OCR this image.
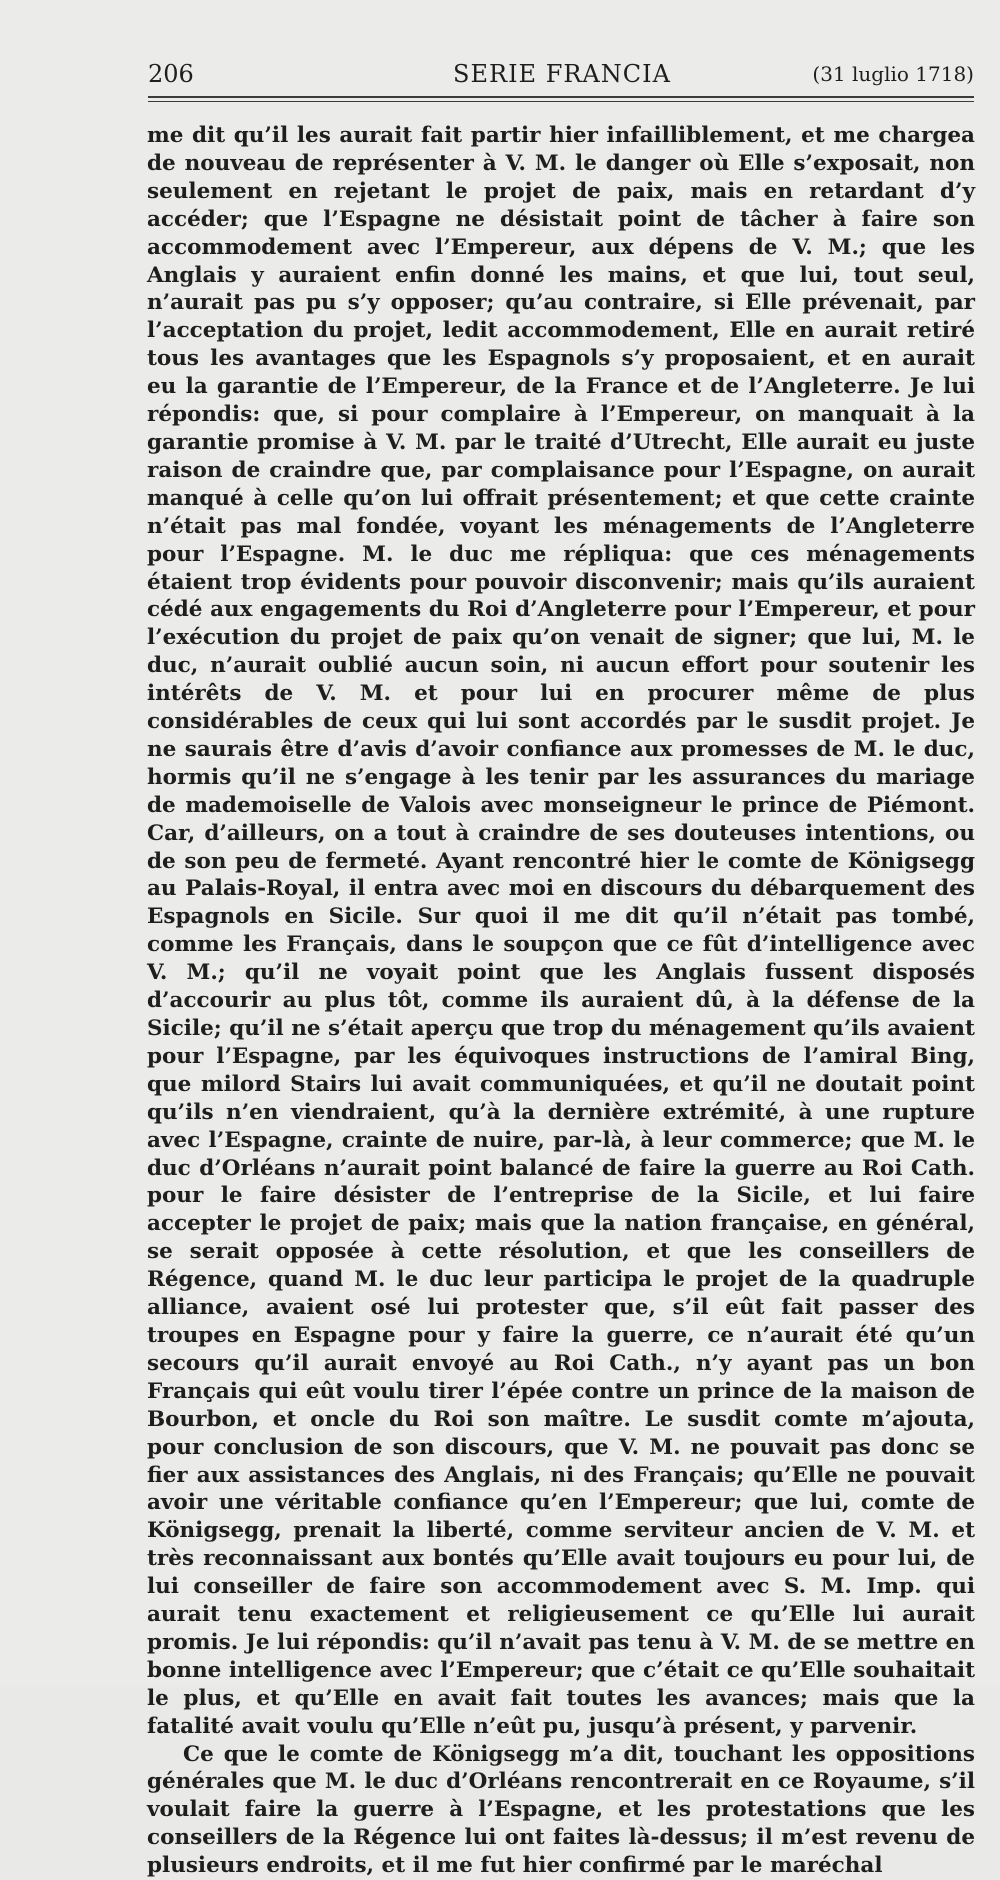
206	SERIE FRANCIA	(31 luglio 1718)

me dit qu’il les aurait fait partir hier infailliblement, et me chargea de nouveau de représenter à V. M. le danger où Elle s’exposait, non seulement en rejetant le projet de paix, mais en retardant d’y accéder; que l’Espagne ne désistait point de tâcher à faire son accommodement avec l’Empereur, aux dépens de V. M.; que les Anglais y auraient enfin donné les mains, et que lui, tout seul, n’aurait pas pu s’y opposer; qu’au contraire, si Elle prévenait, par l’acceptation du projet, ledit accommodement, Elle en aurait retiré tous les avantages que les Espagnols s’y proposaient, et en aurait eu la garantie de l’Empereur, de la France et de l’Angleterre. Je lui répondis: que, si pour complaire à l’Empereur, on manquait à la garantie promise à V. M. par le traité d’Utrecht, Elle aurait eu juste raison de craindre que, par complaisance pour l’Espagne, on aurait manqué à celle qu’on lui offrait présentement; et que cette crainte n’était pas mal fondée, voyant les ménagements de l’Angleterre pour l’Espagne. M. le duc me répliqua: que ces ménagements étaient trop évidents pour pouvoir disconvenir; mais qu’ils auraient cédé aux engagements du Roi d’Angleterre pour l’Empereur, et pour l’exécution du projet de paix qu’on venait de signer; que lui, M. le duc, n’aurait oublié aucun soin, ni aucun effort pour soutenir les intérêts de V. M. et pour lui en procurer même de plus considérables de ceux qui lui sont accordés par le susdit projet. Je ne saurais être d’avis d’avoir confiance aux promesses de M. le duc, hormis qu’il ne s’engage à les tenir par les assurances du mariage de mademoiselle de Valois avec monseigneur le prince de Piémont. Car, d’ailleurs, on a tout à craindre de ses douteuses intentions, ou de son peu de fermeté. Ayant rencontré hier le comte de Königsegg au Palais-Royal, il entra avec moi en discours du débarquement des Espagnols en Sicile. Sur quoi il me dit qu’il n’était pas tombé, comme les Français, dans le soupçon que ce fût d’intelligence avec V. M.; qu’il ne voyait point que les Anglais fussent disposés d’accourir au plus tôt, comme ils auraient dû, à la défense de la Sicile; qu’il ne s’était aperçu que trop du ménagement qu’ils avaient pour l’Espagne, par les équivoques instructions de l’amiral Bing, que milord Stairs lui avait communiquées, et qu’il ne doutait point qu’ils n’en viendraient, qu’à la dernière extrémité, à une rupture avec l’Espagne, crainte de nuire, par-là, à leur commerce; que M. le duc d’Orléans n’aurait point balancé de faire la guerre au Roi Cath. pour le faire désister de l’entreprise de la Sicile, et lui faire accepter le projet de paix; mais que la nation française, en général, se serait opposée à cette résolution, et que les conseillers de Régence, quand M. le duc leur participa le projet de la quadruple alliance, avaient osé lui protester que, s’il eût fait passer des troupes en Espagne pour y faire la guerre, ce n’aurait été qu’un secours qu’il aurait envoyé au Roi Cath., n’y ayant pas un bon Français qui eût voulu tirer l’épée contre un prince de la maison de Bourbon, et oncle du Roi son maître. Le susdit comte m’ajouta, pour conclusion de son discours, que V. M. ne pouvait pas donc se fier aux assistances des Anglais, ni des Français; qu’Elle ne pouvait avoir une véritable confiance qu’en l’Empereur; que lui, comte de Königsegg, prenait la liberté, comme serviteur ancien de V. M. et très reconnaissant aux bontés qu’Elle avait toujours eu pour lui, de lui conseiller de faire son accommodement avec S. M. Imp. qui aurait tenu exactement et religieusement ce qu’Elle lui aurait promis. Je lui répondis: qu’il n’avait pas tenu à V. M. de se mettre en bonne intelligence avec l’Empereur; que c’était ce qu’Elle souhaitait le plus, et qu’Elle en avait fait toutes les avances; mais que la fatalité avait voulu qu’Elle n’eût pu, jusqu’à présent, y parvenir.

Ce que le comte de Königsegg m’a dit, touchant les oppositions générales que M. le duc d’Orléans rencontrerait en ce Royaume, s’il voulait faire la guerre à l’Espagne, et les protestations que les conseillers de la Régence lui ont faites là-dessus; il m’est revenu de plusieurs endroits, et il me fut hier confirmé par le maréchal
